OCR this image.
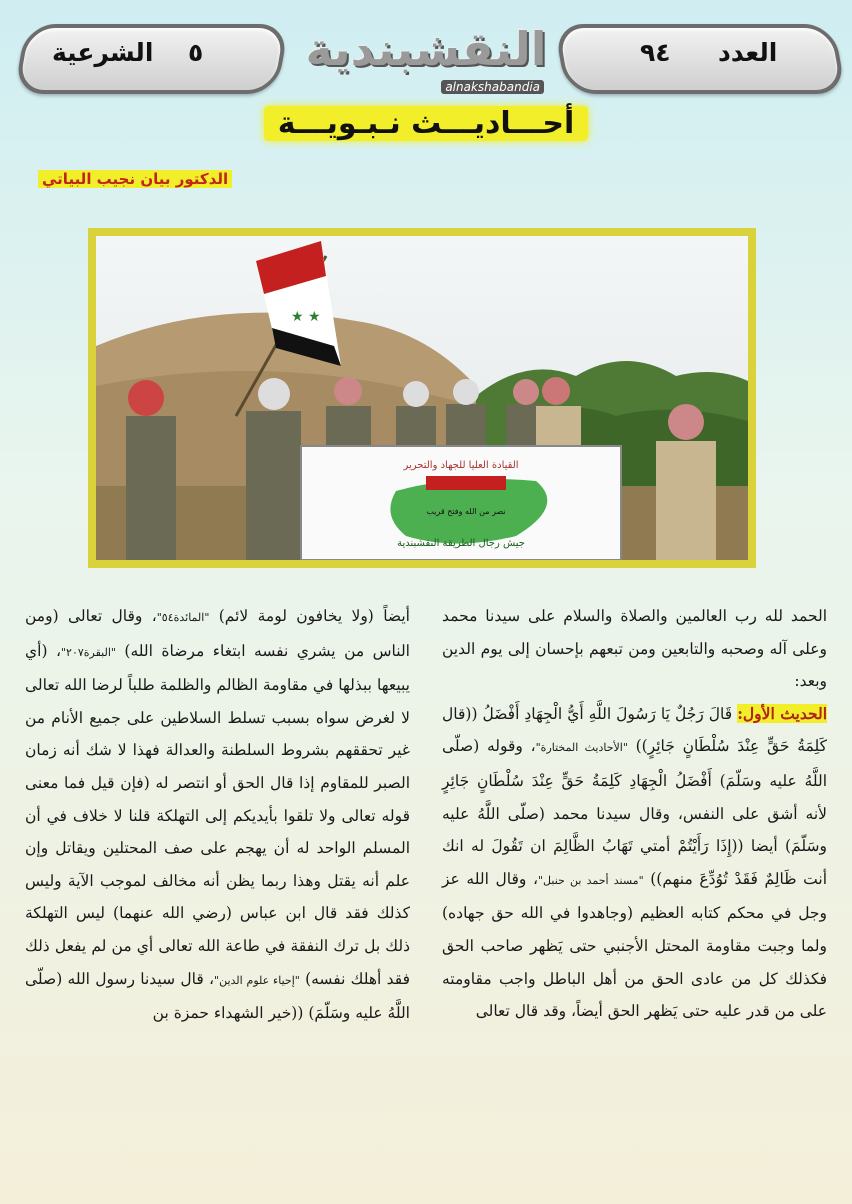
الشرعية ٥	٩٤ العدد
النقشبندية
alnakshabandia
أحـــاديـــث نـبـويـــة
الدكتور بيان نجيب البياتي
★ ★
القيادة العليا للجهاد والتحرير
نصر من الله وفتح قريب
جيش رجال الطريقة النقشبندية

الحمد لله رب العالمين والصلاة والسلام على سيدنا محمد وعلى آله وصحبه والتابعين ومن تبعهم بإحسان إلى يوم الدين وبعد:

الحديث الأول: قَالَ رَجُلٌ يَا رَسُولَ اللَّهِ أَيُّ الْجِهَادِ أَفْضَلُ ((قال كَلِمَةُ حَقٍّ عِنْدَ سُلْطَانٍ جَائِرٍ)) "الأحاديث المختارة"، وقوله (صلّى اللَّهُ عليه وسَلّمَ) أَفْضَلُ الْجِهَادِ كَلِمَةُ حَقٍّ عِنْدَ سُلْطَانٍ جَائِرٍ لأنه أشق على النفس، وقال سيدنا محمد (صلّى اللَّهُ عليه وسَلّمَ) أيضا ((إِذَا رَأَيْتُمْ أمتي تَهَابُ الظَّالِمَ ان تَقُولَ له انك أنت ظَالِمٌ فَقَدْ تُوُدِّعَ منهم)) "مسند أحمد بن حنبل"، وقال الله عز وجل في محكم كتابه العظيم (وجاهدوا في الله حق جهاده) ولما وجبت مقاومة المحتل الأجنبي حتى يَظهر صاحب الحق فكذلك كل من عادى الحق من أهل الباطل واجب مقاومته على من قدر عليه حتى يَظهر الحق أيضاً، وقد قال تعالى

أيضاً (ولا يخافون لومة لائم) "المائدة٥٤"، وقال تعالى (ومن الناس من يشري نفسه ابتغاء مرضاة الله) "البقرة٢٠٧"، (أي يبيعها ببذلها في مقاومة الظالم والظلمة طلباً لرضا الله تعالى لا لغرض سواه بسبب تسلط السلاطين على جميع الأنام من غير تحققهم بشروط السلطنة والعدالة فهذا لا شك أنه زمان الصبر للمقاوم إذا قال الحق أو انتصر له (فإن قيل فما معنى قوله تعالى ولا تلقوا بأيديكم إلى التهلكة قلنا لا خلاف في أن المسلم الواحد له أن يهجم على صف المحتلين ويقاتل وإن علم أنه يقتل وهذا ربما يظن أنه مخالف لموجب الآية وليس كذلك فقد قال ابن عباس (رضي الله عنهما) ليس التهلكة ذلك بل ترك النفقة في طاعة الله تعالى أي من لم يفعل ذلك فقد أهلك نفسه) "إحياء علوم الدين"، قال سيدنا رسول الله (صلّى اللَّهُ عليه وسَلّمَ) ((خير الشهداء حمزة بن
